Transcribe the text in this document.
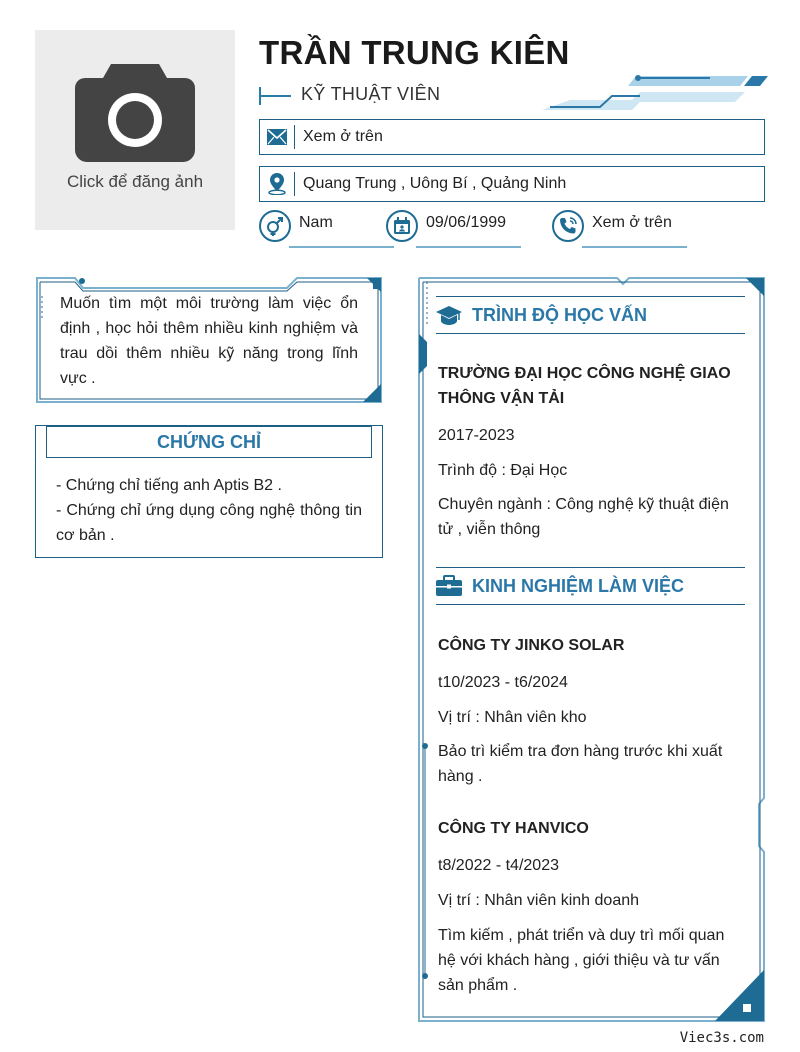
Click để đăng ảnh
TRẦN TRUNG KIÊN
KỸ THUẬT VIÊN
Xem ở trên
Quang Trung , Uông Bí , Quảng Ninh
Nam	09/06/1999	Xem ở trên
Muốn tìm một môi trường làm việc ổn định , học hỏi thêm nhiều kinh nghiệm và trau dồi thêm nhiều kỹ năng trong lĩnh vực .
CHỨNG CHỈ
- Chứng chỉ tiếng anh Aptis B2 .
- Chứng chỉ ứng dụng công nghệ thông tin cơ bản .
TRÌNH ĐỘ HỌC VẤN
TRƯỜNG ĐẠI HỌC CÔNG NGHỆ GIAO THÔNG VẬN TẢI
2017-2023
Trình độ : Đại Học
Chuyên ngành : Công nghệ kỹ thuật điện tử , viễn thông
KINH NGHIỆM LÀM VIỆC
CÔNG TY JINKO SOLAR
t10/2023 - t6/2024
Vị trí : Nhân viên kho
Bảo trì kiểm tra đơn hàng trước khi xuất hàng .
CÔNG TY HANVICO
t8/2022 - t4/2023
Vị trí : Nhân viên kinh doanh
Tìm kiếm , phát triển và duy trì mối quan hệ với khách hàng , giới thiệu và tư vấn sản phẩm .
Viec3s.com
